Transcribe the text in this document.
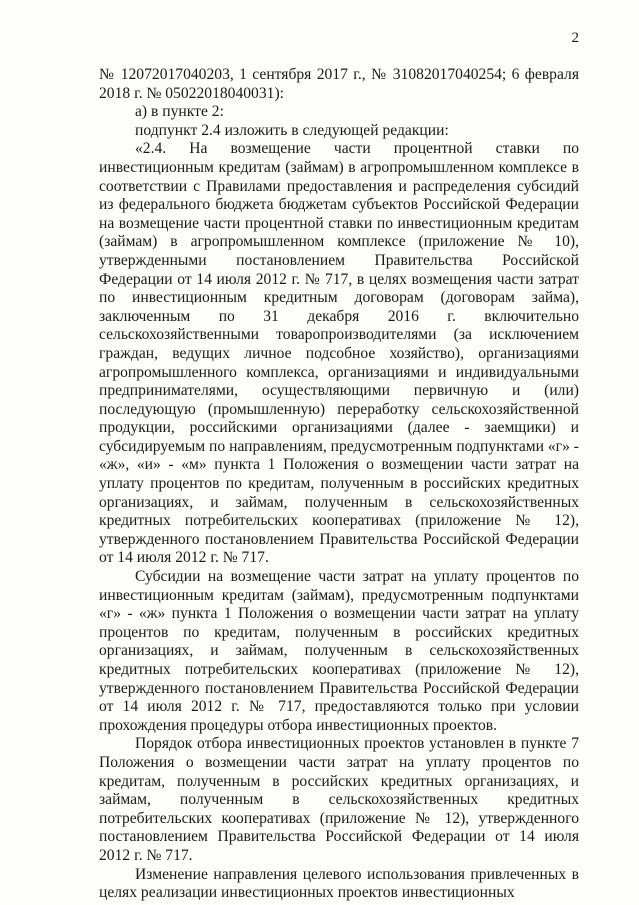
2

№ 12072017040203, 1 сентября 2017 г., № 31082017040254; 6 февраля 2018 г. № 05022018040031):

а) в пункте 2:

подпункт 2.4 изложить в следующей редакции:

«2.4. На возмещение части процентной ставки по инвестиционным кредитам (займам) в агропромышленном комплексе в соответствии с Правилами предоставления и распределения субсидий из федерального бюджета бюджетам субъектов Российской Федерации на возмещение части процентной ставки по инвестиционным кредитам (займам) в агропромышленном комплексе (приложение № 10), утвержденными постановлением Правительства Российской Федерации от 14 июля 2012 г. № 717, в целях возмещения части затрат по инвестиционным кредитным договорам (договорам займа), заключенным по 31 декабря 2016 г. включительно сельскохозяйственными товаропроизводителями (за исключением граждан, ведущих личное подсобное хозяйство), организациями агропромышленного комплекса, организациями и индивидуальными предпринимателями, осуществляющими первичную и (или) последующую (промышленную) переработку сельскохозяйственной продукции, российскими организациями (далее - заемщики) и субсидируемым по направлениям, предусмотренным подпунктами «г» - «ж», «и» - «м» пункта 1 Положения о возмещении части затрат на уплату процентов по кредитам, полученным в российских кредитных организациях, и займам, полученным в сельскохозяйственных кредитных потребительских кооперативах (приложение № 12), утвержденного постановлением Правительства Российской Федерации от 14 июля 2012 г. № 717.

Субсидии на возмещение части затрат на уплату процентов по инвестиционным кредитам (займам), предусмотренным подпунктами «г» - «ж» пункта 1 Положения о возмещении части затрат на уплату процентов по кредитам, полученным в российских кредитных организациях, и займам, полученным в сельскохозяйственных кредитных потребительских кооперативах (приложение № 12), утвержденного постановлением Правительства Российской Федерации от 14 июля 2012 г. № 717, предоставляются только при условии прохождения процедуры отбора инвестиционных проектов.

Порядок отбора инвестиционных проектов установлен в пункте 7 Положения о возмещении части затрат на уплату процентов по кредитам, полученным в российских кредитных организациях, и займам, полученным в сельскохозяйственных кредитных потребительских кооперативах (приложение № 12), утвержденного постановлением Правительства Российской Федерации от 14 июля 2012 г. № 717.

Изменение направления целевого использования привлеченных в целях реализации инвестиционных проектов инвестиционных
